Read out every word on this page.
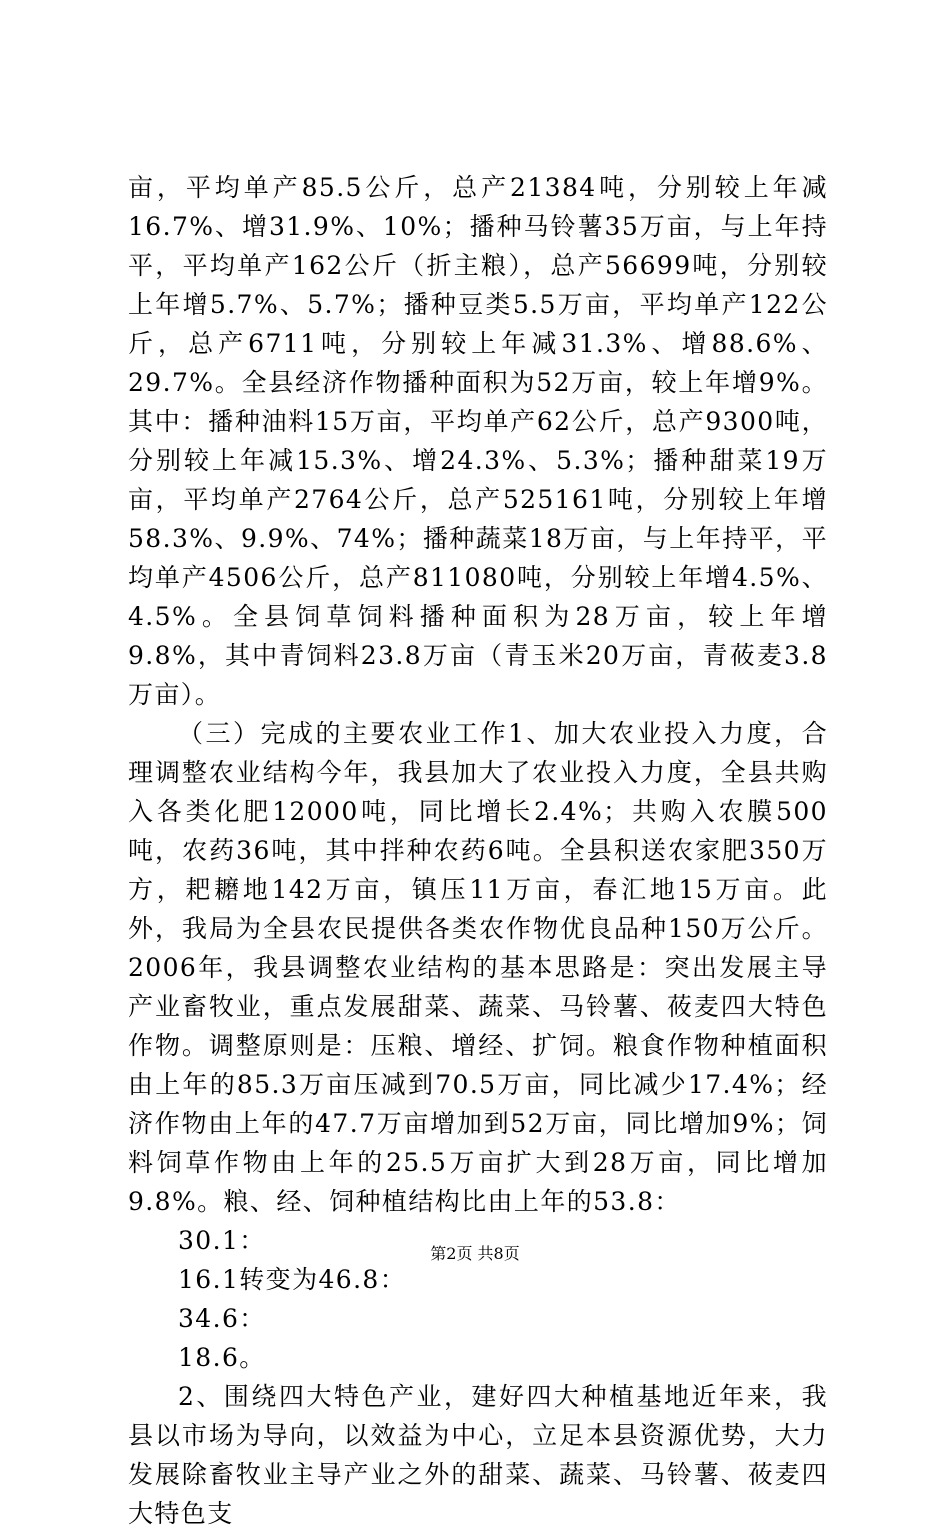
亩，平均单产85.5公斤，总产21384吨，分别较上年减16.7%、增31.9%、10%；播种马铃薯35万亩，与上年持平，平均单产162公斤（折主粮），总产56699吨，分别较上年增5.7%、5.7%；播种豆类5.5万亩，平均单产122公斤，总产6711吨，分别较上年减31.3%、增88.6%、29.7%。全县经济作物播种面积为52万亩，较上年增9%。其中：播种油料15万亩，平均单产62公斤，总产9300吨，分别较上年减15.3%、增24.3%、5.3%；播种甜菜19万亩，平均单产2764公斤，总产525161吨，分别较上年增58.3%、9.9%、74%；播种蔬菜18万亩，与上年持平，平均单产4506公斤，总产811080吨，分别较上年增4.5%、4.5%。全县饲草饲料播种面积为28万亩，较上年增9.8%，其中青饲料23.8万亩（青玉米20万亩，青莜麦3.8万亩）。

（三）完成的主要农业工作1、加大农业投入力度，合理调整农业结构今年，我县加大了农业投入力度，全县共购入各类化肥12000吨，同比增长2.4%；共购入农膜500吨，农药36吨，其中拌种农药6吨。全县积送农家肥350万方，耙耱地142万亩，镇压11万亩，春汇地15万亩。此外，我局为全县农民提供各类农作物优良品种150万公斤。2006年，我县调整农业结构的基本思路是：突出发展主导产业畜牧业，重点发展甜菜、蔬菜、马铃薯、莜麦四大特色作物。调整原则是：压粮、增经、扩饲。粮食作物种植面积由上年的85.3万亩压减到70.5万亩，同比减少17.4%；经济作物由上年的47.7万亩增加到52万亩，同比增加9%；饲料饲草作物由上年的25.5万亩扩大到28万亩，同比增加9.8%。粮、经、饲种植结构比由上年的53.8：

30.1：

16.1转变为46.8：

34.6：

18.6。

2、围绕四大特色产业，建好四大种植基地近年来，我县以市场为导向，以效益为中心，立足本县资源优势，大力发展除畜牧业主导产业之外的甜菜、蔬菜、马铃薯、莜麦四大特色支

第2页 共8页
